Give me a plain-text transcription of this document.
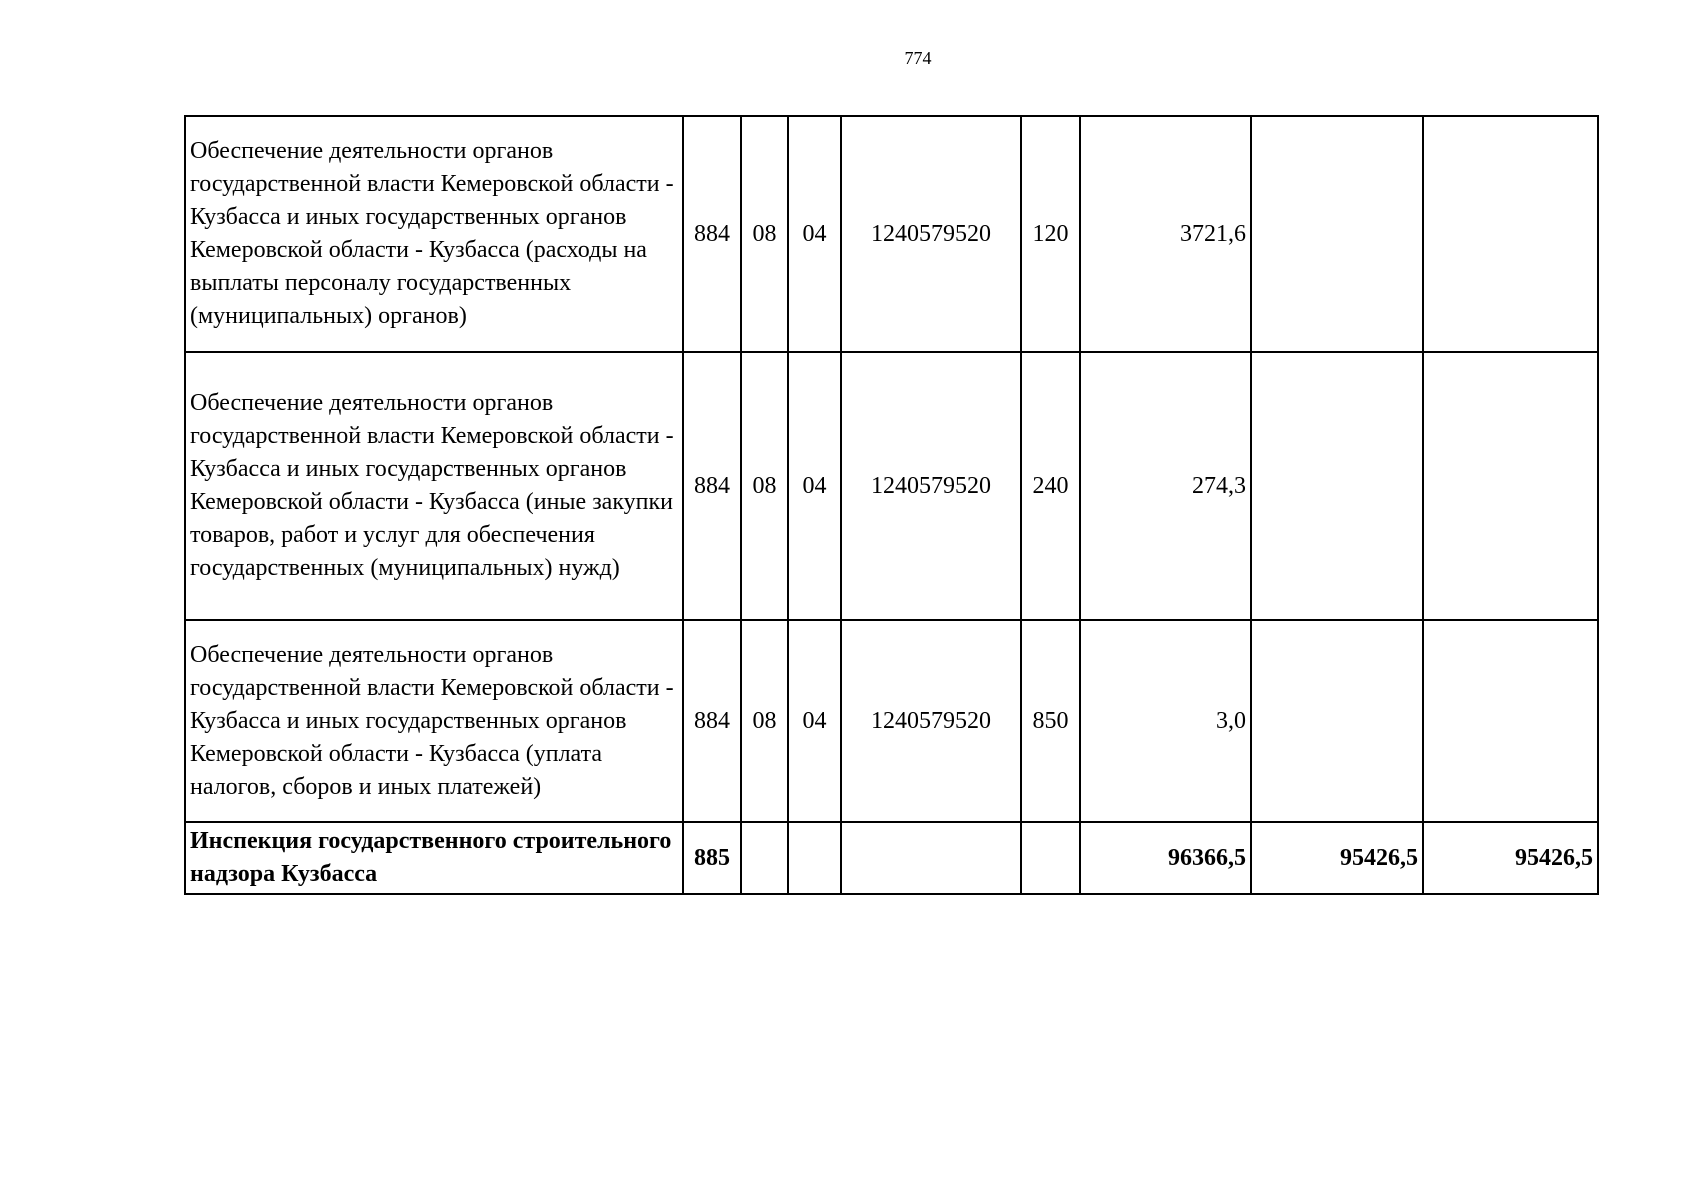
774
Обеспечение деятельности органов государственной власти Кемеровской области - Кузбасса и иных государственных органов Кемеровской области - Кузбасса (расходы на выплаты персоналу государственных (муниципальных) органов)	884	08	04	1240579520	120	3721,6		
Обеспечение деятельности органов государственной власти Кемеровской области - Кузбасса и иных государственных органов Кемеровской области - Кузбасса (иные закупки товаров, работ и услуг для обеспечения государственных (муниципальных) нужд)	884	08	04	1240579520	240	274,3		
Обеспечение деятельности органов государственной власти Кемеровской области - Кузбасса и иных государственных органов Кемеровской области - Кузбасса (уплата налогов, сборов и иных платежей)	884	08	04	1240579520	850	3,0		
Инспекция государственного строительного надзора Кузбасса	885					96366,5	95426,5	95426,5
